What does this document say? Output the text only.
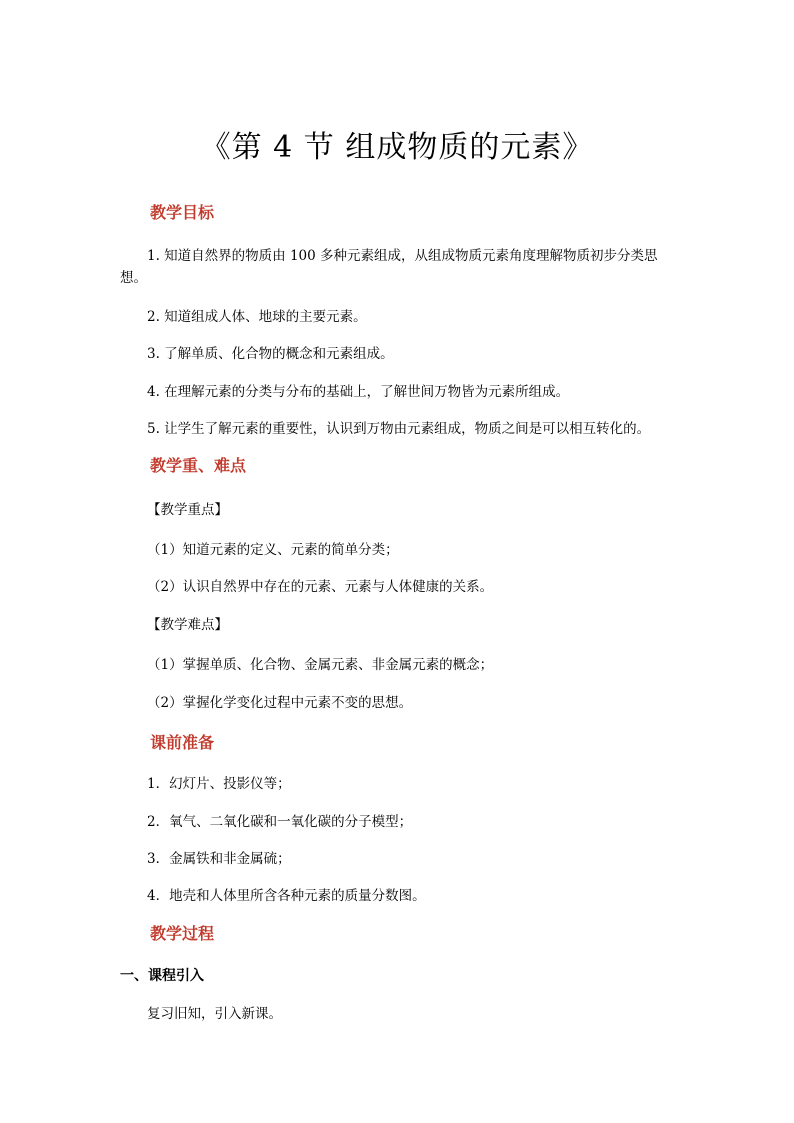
《第 4 节 组成物质的元素》
教学目标
1. 知道自然界的物质由 100 多种元素组成，从组成物质元素角度理解物质初步分类思想。
2. 知道组成人体、地球的主要元素。
3. 了解单质、化合物的概念和元素组成。
4. 在理解元素的分类与分布的基础上，了解世间万物皆为元素所组成。
5. 让学生了解元素的重要性，认识到万物由元素组成，物质之间是可以相互转化的。
教学重、难点
【教学重点】
（1）知道元素的定义、元素的简单分类；
（2）认识自然界中存在的元素、元素与人体健康的关系。
【教学难点】
（1）掌握单质、化合物、金属元素、非金属元素的概念；
（2）掌握化学变化过程中元素不变的思想。
课前准备
1．幻灯片、投影仪等；
2．氧气、二氧化碳和一氧化碳的分子模型；
3．金属铁和非金属硫；
4．地壳和人体里所含各种元素的质量分数图。
教学过程
一、课程引入
复习旧知，引入新课。
